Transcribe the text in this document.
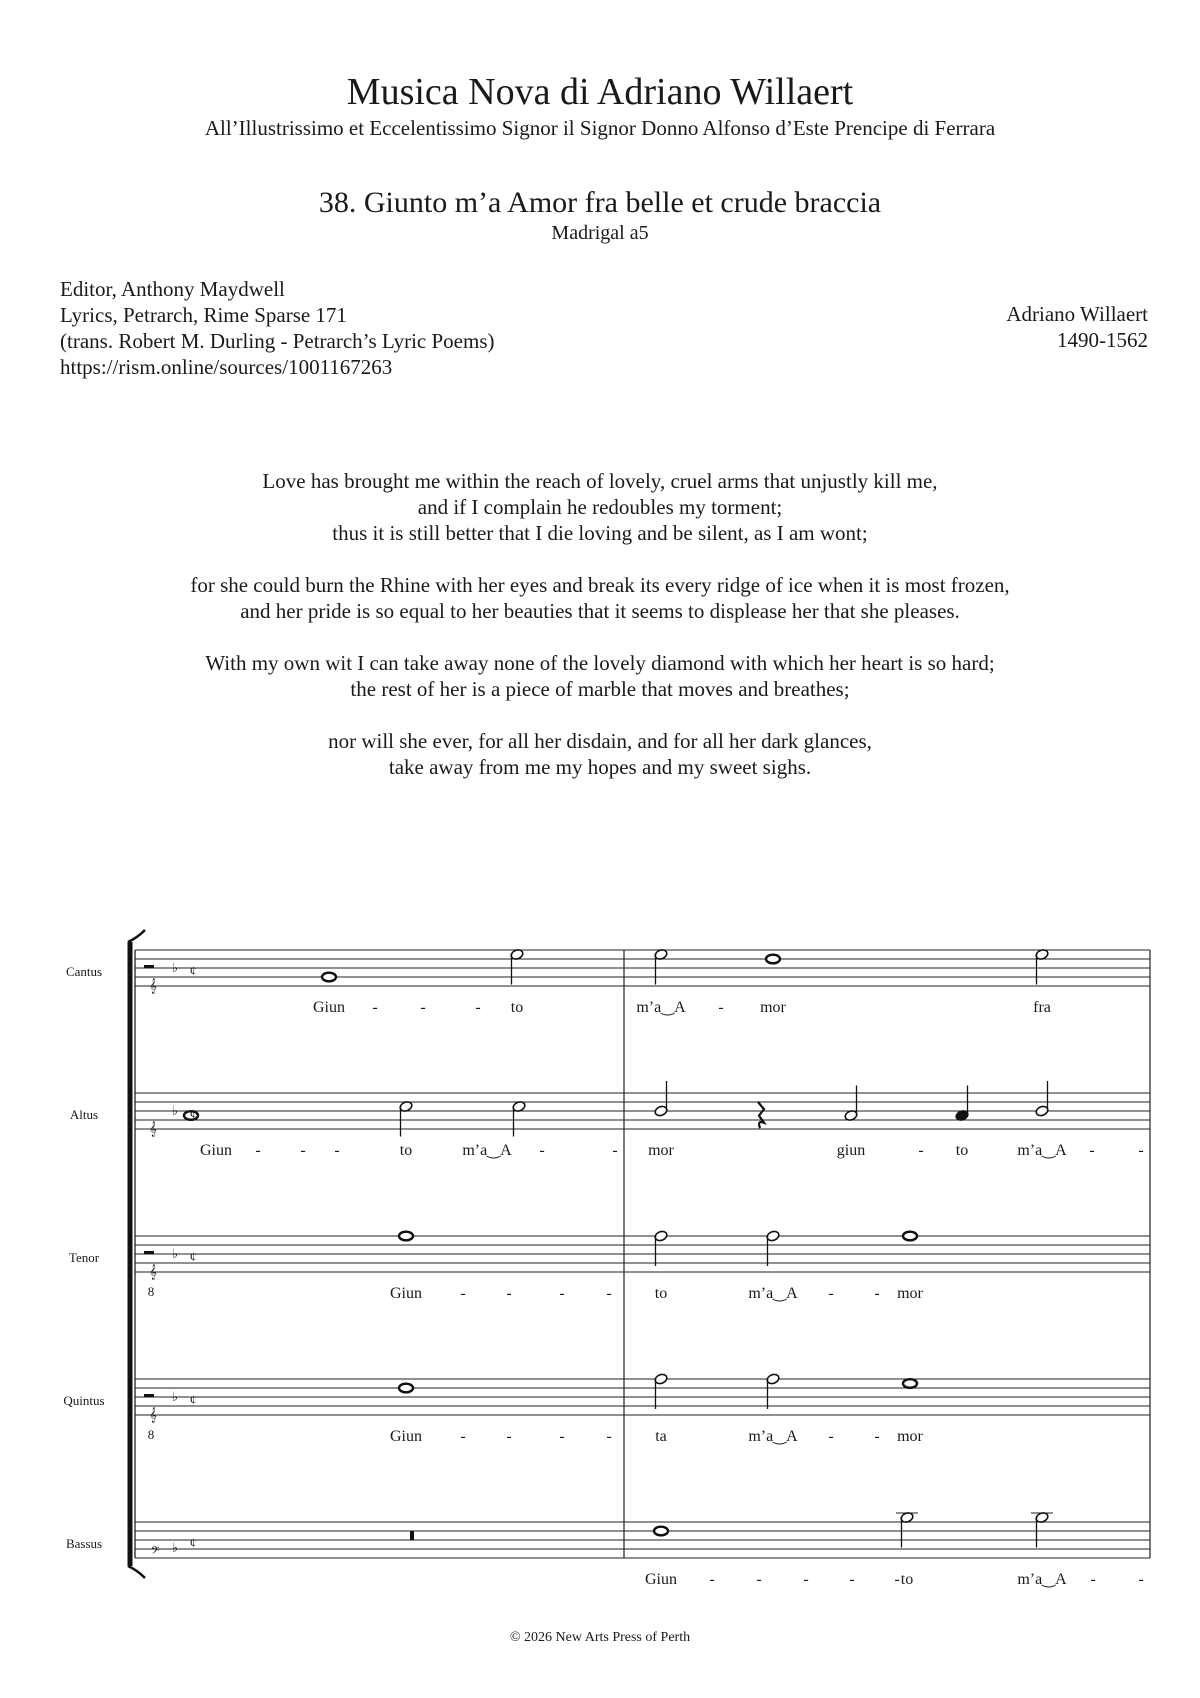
Musica Nova di Adriano Willaert
All’Illustrissimo et Eccelentissimo Signor il Signor Donno Alfonso d’Este Prencipe di Ferrara
38. Giunto m’a Amor fra belle et crude braccia
Madrigal a5
Editor, Anthony Maydwell
Lyrics, Petrarch, Rime Sparse 171
(trans. Robert M. Durling - Petrarch’s Lyric Poems)
https://rism.online/sources/1001167263
Adriano Willaert
1490-1562
Love has brought me within the reach of lovely, cruel arms that unjustly kill me,
and if I complain he redoubles my torment;
thus it is still better that I die loving and be silent, as I am wont;
for she could burn the Rhine with her eyes and break its every ridge of ice when it is most frozen,
and her pride is so equal to her beauties that it seems to displease her that she pleases.
With my own wit I can take away none of the lovely diamond with which her heart is so hard;
the rest of her is a piece of marble that moves and breathes;
nor will she ever, for all her disdain, and for all her dark glances,
take away from me my hopes and my sweet sighs.
Cantus
𝄞
♭ ¢
Giun -	-	- to	m’a‿A - mor	fra
Altus
𝄞
♭ ¢
Giun - - -	to	m’a‿A -	- mor	giun	- to	m’a‿A -	-
Tenor
𝄞
8
♭ ¢
Giun -	-	-	-	to	m’a‿A -	- mor
Quintus
𝄞
8
♭ ¢
Giun -	-	-	-	ta	m’a‿A -	- mor
Bassus
𝄢 ♭ ¢
Giun -	-	-	- - to	m’a‿A -	-
© 2026 New Arts Press of Perth
